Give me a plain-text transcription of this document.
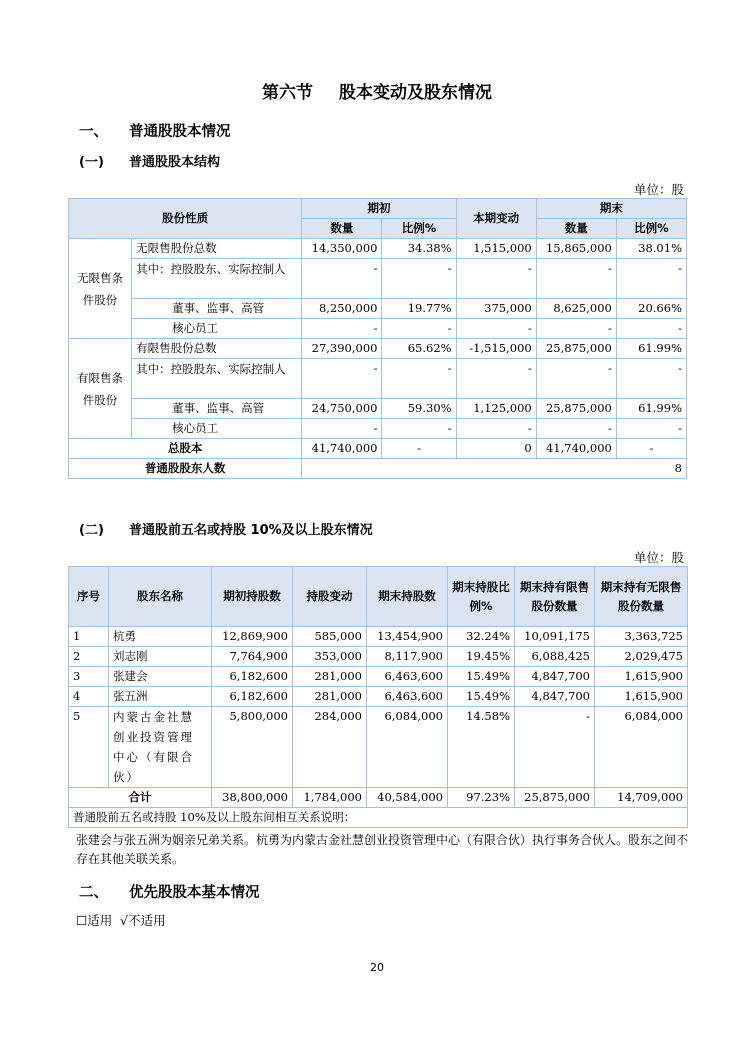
第六节 股本变动及股东情况
一、 普通股股本情况
(一) 普通股股本结构
单位：股
股份性质		期初		本期变动	期末	
		数量	比例%		数量	比例%
无限售条件股份	无限售股份总数	14,350,000	34.38%	1,515,000	15,865,000	38.01%
	其中：控股股东、实际控制人	-	-	-	-	-
	董事、监事、高管	8,250,000	19.77%	375,000	8,625,000	20.66%
	核心员工	-	-	-	-	-
有限售条件股份	有限售股份总数	27,390,000	65.62%	-1,515,000	25,875,000	61.99%
	其中：控股股东、实际控制人	-	-	-	-	-
	董事、监事、高管	24,750,000	59.30%	1,125,000	25,875,000	61.99%
	核心员工	-	-	-	-	-
总股本		41,740,000	-	0	41,740,000	-
普通股股东人数		8				
(二) 普通股前五名或持股 10%及以上股东情况
单位：股
序号	股东名称	期初持股数	持股变动	期末持股数	期末持股比例%	期末持有限售股份数量	期末持有无限售股份数量
1	杭勇	12,869,900	585,000	13,454,900	32.24%	10,091,175	3,363,725
2	刘志刚	7,764,900	353,000	8,117,900	19.45%	6,088,425	2,029,475
3	张建会	6,182,600	281,000	6,463,600	15.49%	4,847,700	1,615,900
4	张五洲	6,182,600	281,000	6,463,600	15.49%	4,847,700	1,615,900
5	内蒙古金社慧创业投资管理中心（有限合伙）	5,800,000	284,000	6,084,000	14.58%	-	6,084,000
合计		38,800,000	1,784,000	40,584,000	97.23%	25,875,000	14,709,000
普通股前五名或持股 10%及以上股东间相互关系说明：							
张建会与张五洲为姻亲兄弟关系。杭勇为内蒙古金社慧创业投资管理中心（有限合伙）执行事务合伙人。股东之间不存在其他关联关系。
二、 优先股股本基本情况
☐适用 √不适用
20
